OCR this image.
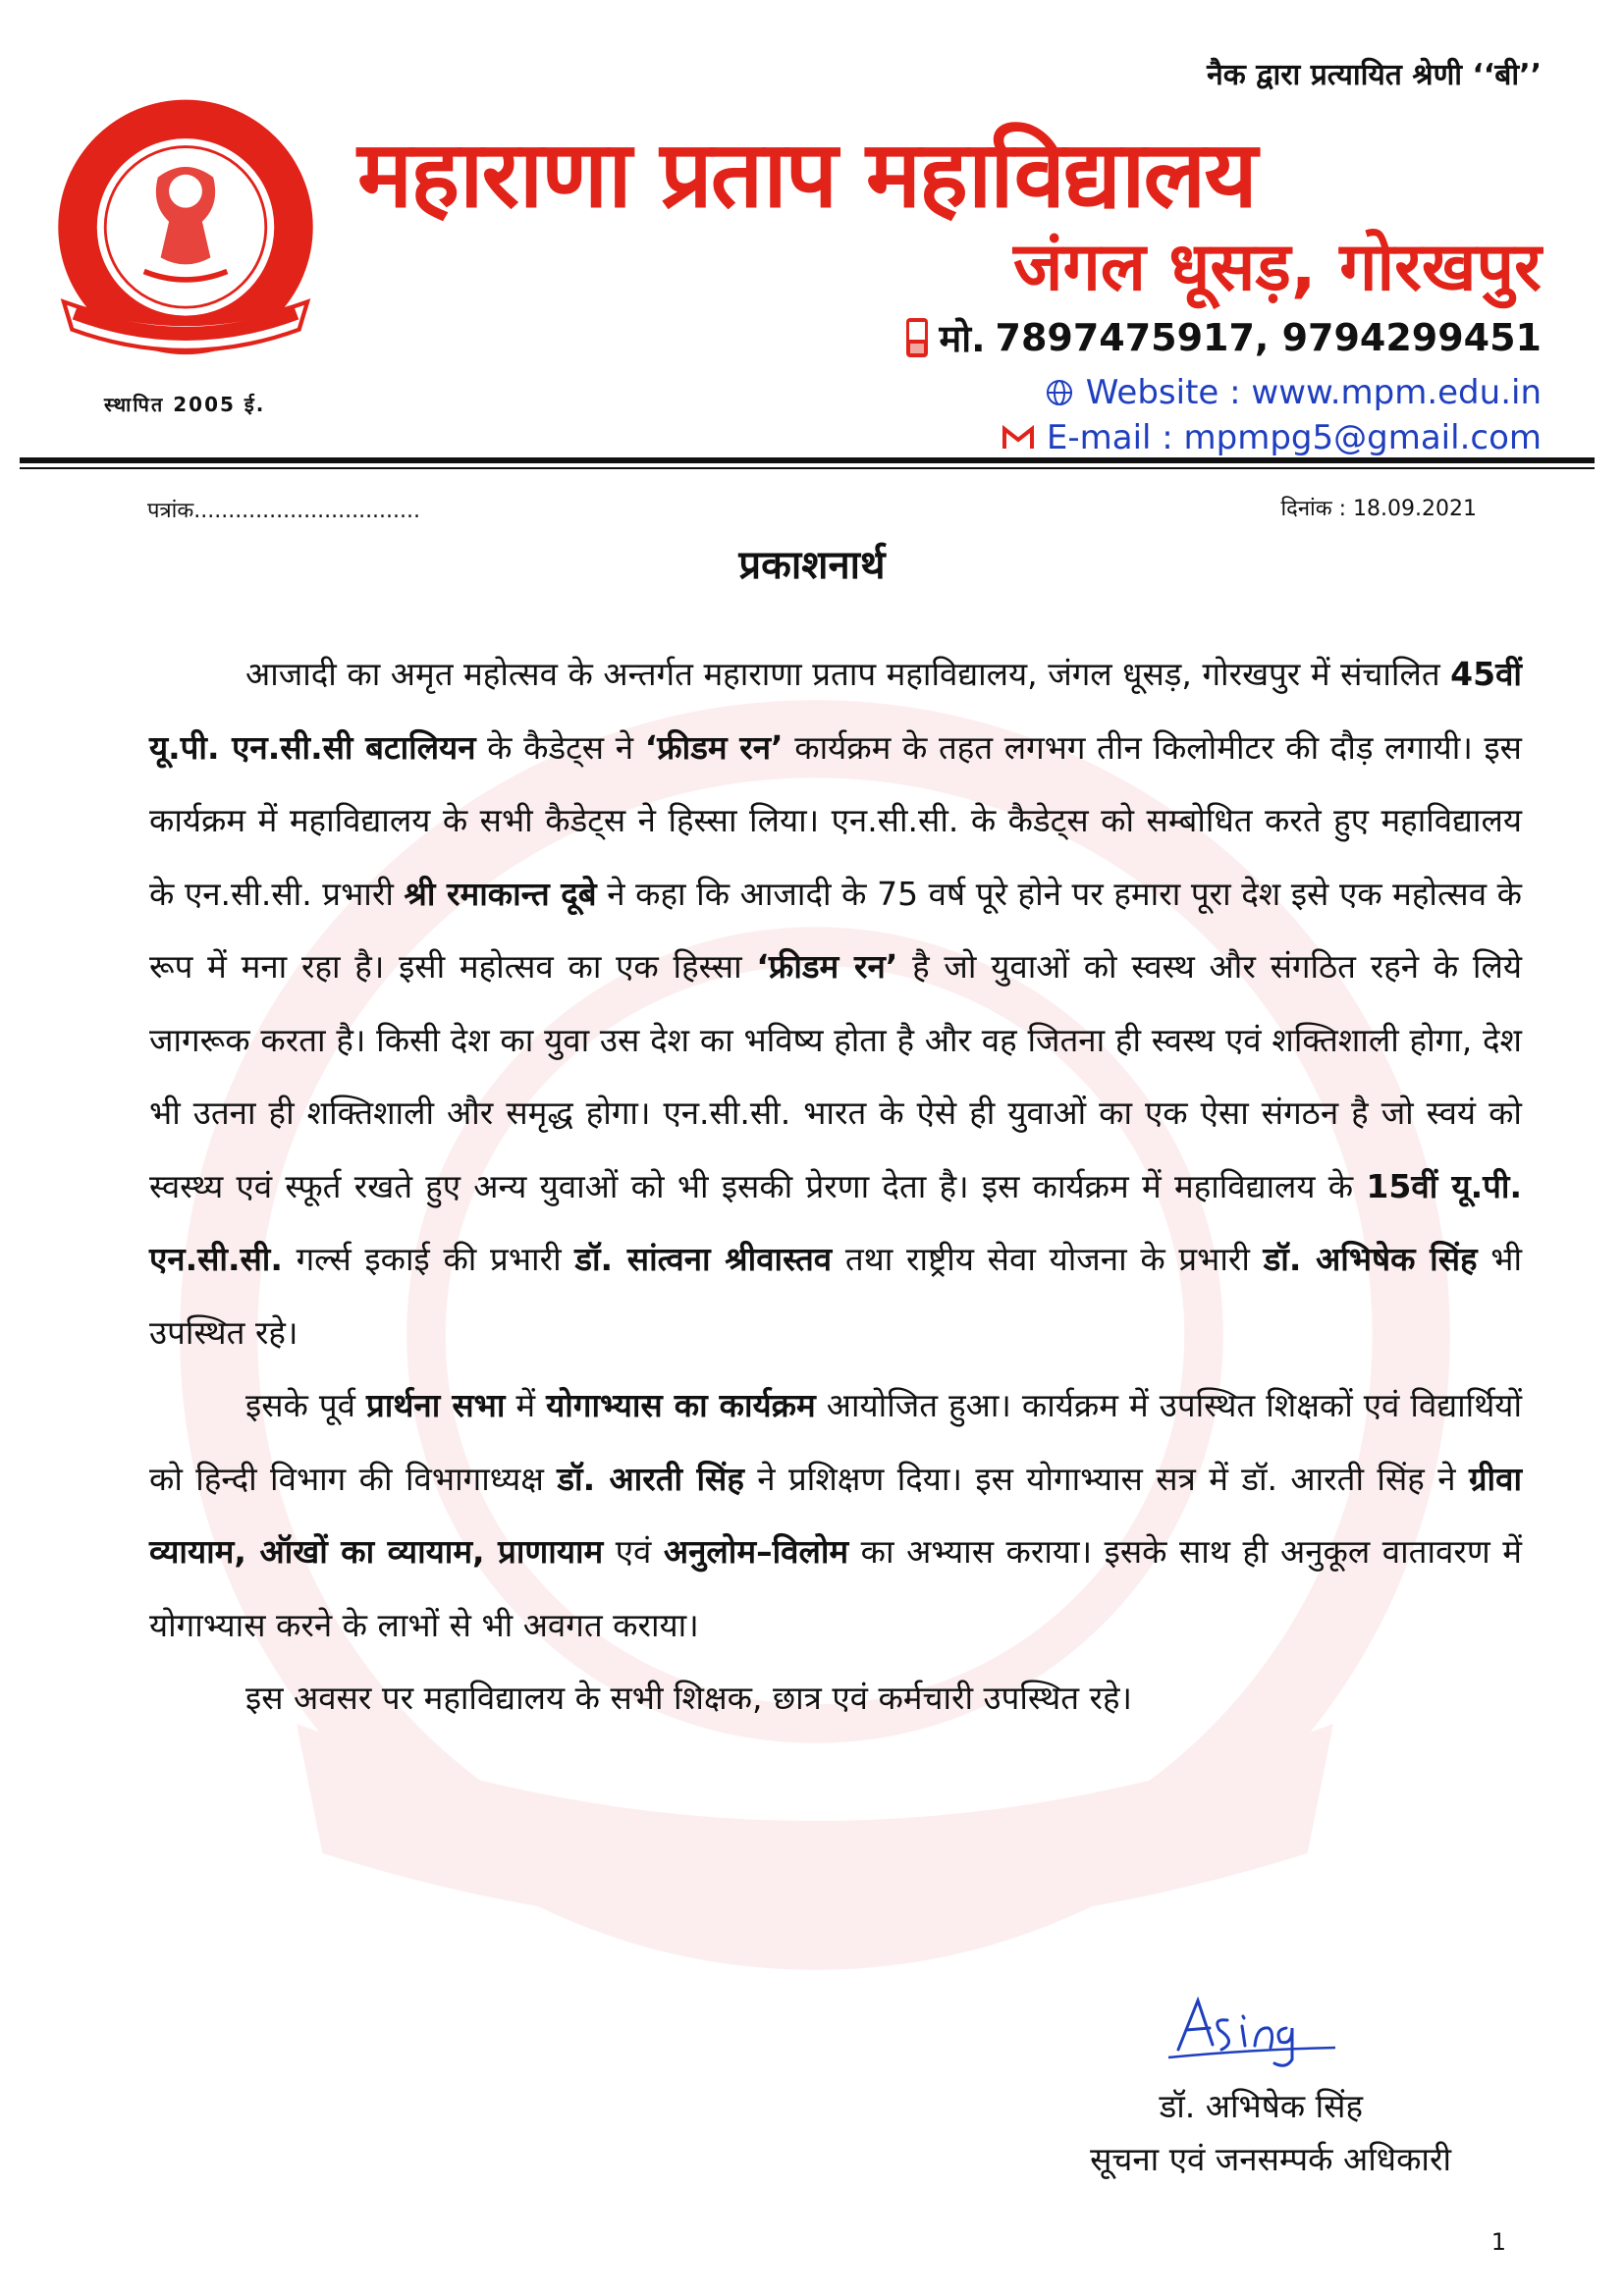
नैक द्वारा प्रत्यायित श्रेणी ‘‘बी’’
स्थापित 2005 ई.
महाराणा प्रताप महाविद्यालय
जंगल धूसड़, गोरखपुर
मो. 7897475917, 9794299451
Website : www.mpm.edu.in
E-mail : mpmpg5@gmail.com
पत्रांक.................................	दिनांक : 18.09.2021
प्रकाशनार्थ

आजादी का अमृत महोत्सव के अन्तर्गत महाराणा प्रताप महाविद्यालय, जंगल धूसड़, गोरखपुर में संचालित 45वीं यू.पी. एन.सी.सी बटालियन के कैडेट्स ने ‘फ्रीडम रन’ कार्यक्रम के तहत लगभग तीन किलोमीटर की दौड़ लगायी। इस कार्यक्रम में महाविद्यालय के सभी कैडेट्स ने हिस्सा लिया। एन.सी.सी. के कैडेट्स को सम्बोधित करते हुए महाविद्यालय के एन.सी.सी. प्रभारी श्री रमाकान्त दूबे ने कहा कि आजादी के 75 वर्ष पूरे होने पर हमारा पूरा देश इसे एक महोत्सव के रूप में मना रहा है। इसी महोत्सव का एक हिस्सा ‘फ्रीडम रन’ है जो युवाओं को स्वस्थ और संगठित रहने के लिये जागरूक करता है। किसी देश का युवा उस देश का भविष्य होता है और वह जितना ही स्वस्थ एवं शक्तिशाली होगा, देश भी उतना ही शक्तिशाली और समृद्ध होगा। एन.सी.सी. भारत के ऐसे ही युवाओं का एक ऐसा संगठन है जो स्वयं को स्वस्थ्य एवं स्फूर्त रखते हुए अन्य युवाओं को भी इसकी प्रेरणा देता है। इस कार्यक्रम में महाविद्यालय के 15वीं यू.पी. एन.सी.सी. गर्ल्स इकाई की प्रभारी डॉ. सांत्वना श्रीवास्तव तथा राष्ट्रीय सेवा योजना के प्रभारी डॉ. अभिषेक सिंह भी उपस्थित रहे।

इसके पूर्व प्रार्थना सभा में योगाभ्यास का कार्यक्रम आयोजित हुआ। कार्यक्रम में उपस्थित शिक्षकों एवं विद्यार्थियों को हिन्दी विभाग की विभागाध्यक्ष डॉ. आरती सिंह ने प्रशिक्षण दिया। इस योगाभ्यास सत्र में डॉ. आरती सिंह ने ग्रीवा व्यायाम, ऑखों का व्यायाम, प्राणायाम एवं अनुलोम–विलोम का अभ्यास कराया। इसके साथ ही अनुकूल वातावरण में योगाभ्यास करने के लाभों से भी अवगत कराया।

इस अवसर पर महाविद्यालय के सभी शिक्षक, छात्र एवं कर्मचारी उपस्थित रहे।

डॉ. अभिषेक सिंह
सूचना एवं जनसम्पर्क अधिकारी
1
